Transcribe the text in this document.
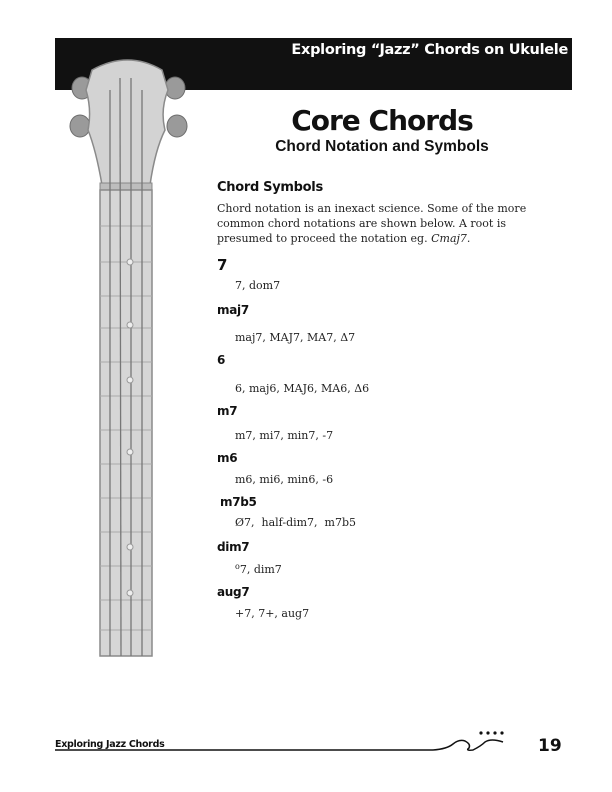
Exploring “Jazz” Chords on Ukulele
Core Chords
Chord Notation and Symbols
Chord Symbols
Chord notation is an inexact science. Some of the more common chord notations are shown below. A root is presumed to proceed the notation eg. Cmaj7.
7
7, dom7
maj7
maj7, MAJ7, MA7, Δ7
6
6, maj6, MAJ6, MA6, Δ6
m7
m7, mi7, min7, -7
m6
m6, mi6, min6, -6
m7b5
Ø7,  half-dim7,  m7b5
dim7
$^o$7, dim7
aug7
+7, 7+, aug7
Exploring Jazz Chords	19
